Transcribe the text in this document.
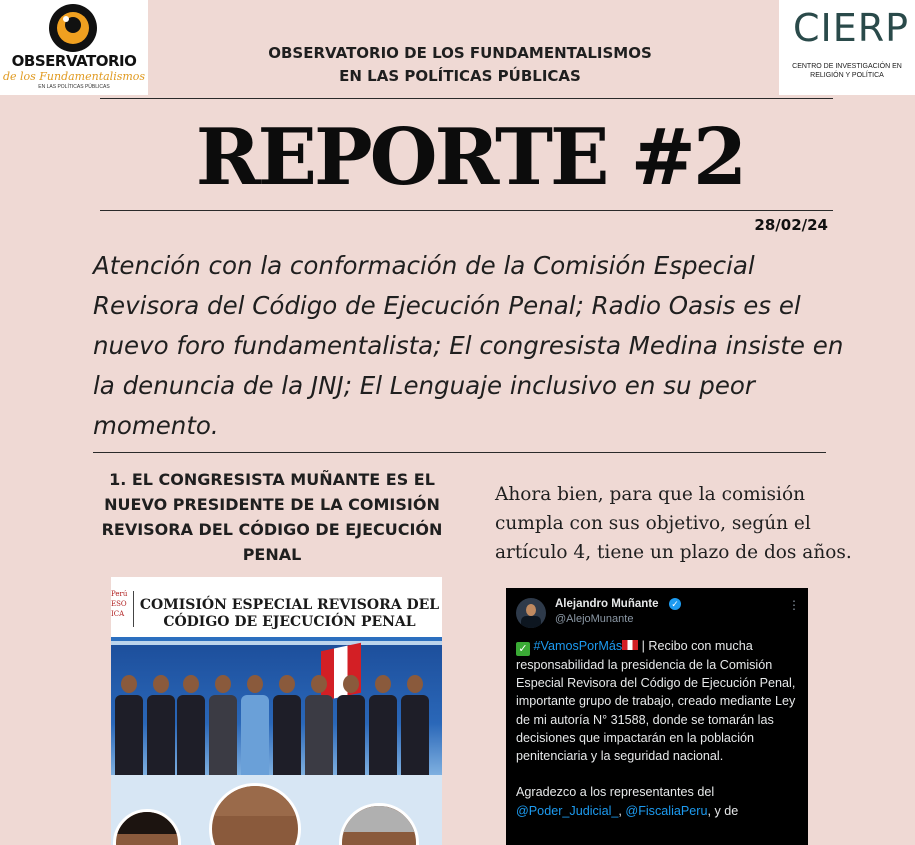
OBSERVATORIO
de los Fundamentalismos
EN LAS POLÍTICAS PÚBLICAS
CIERP
CENTRO DE INVESTIGACIÓN EN RELIGIÓN Y POLÍTICA
OBSERVATORIO DE LOS FUNDAMENTALISMOS
EN LAS POLÍTICAS PÚBLICAS
REPORTE #2
28/02/24
Atención con la conformación de la Comisión Especial Revisora del Código de Ejecución Penal; Radio Oasis es el nuevo foro fundamentalista; El congresista Medina insiste en la denuncia de la JNJ; El Lenguaje inclusivo en su peor momento.
1. EL CONGRESISTA MUÑANTE ES EL NUEVO PRESIDENTE DE LA COMISIÓN REVISORA DEL CÓDIGO DE EJECUCIÓN PENAL
Ahora bien, para que la comisión cumpla con sus objetivo, según el artículo 4, tiene un plazo de dos años.
Perú
ESO
ICA
COMISIÓN ESPECIAL REVISORA DEL CÓDIGO DE EJECUCIÓN PENAL
Alejandro Muñante ✓
@AlejoMunante
⋮
✓ #VamosPorMás | Recibo con mucha responsabilidad la presidencia de la Comisión Especial Revisora del Código de Ejecución Penal, importante grupo de trabajo, creado mediante Ley de mi autoría N° 31588, donde se tomarán las decisiones que impactarán en la población penitenciaria y la seguridad nacional.

Agradezco a los representantes del
@Poder_Judicial_, @FiscaliaPeru, y de
